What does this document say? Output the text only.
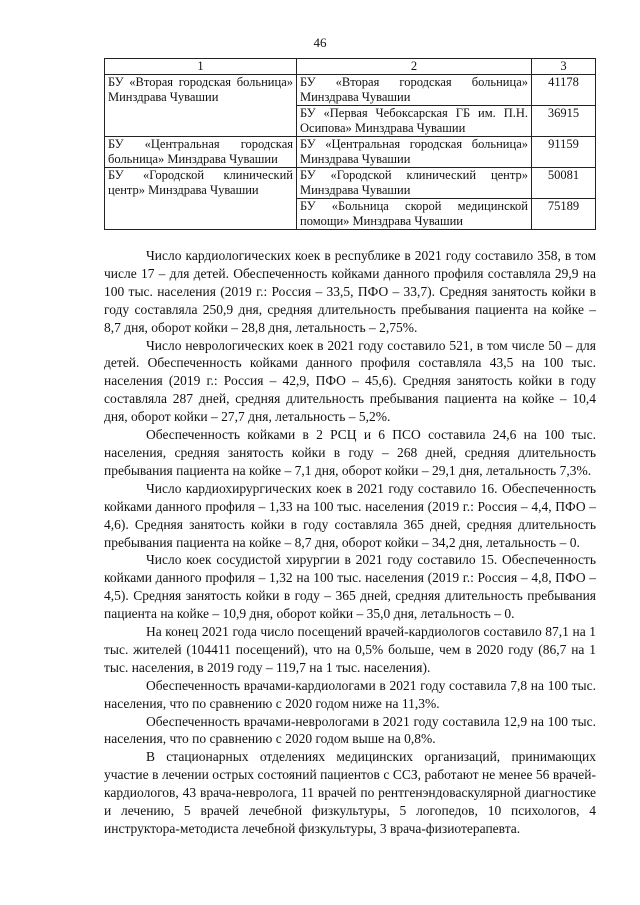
46
1	2	3
БУ «Вторая городская больница» Минздрава Чувашии	БУ «Вторая городская больница» Минздрава Чувашии	41178
	БУ «Первая Чебоксарская ГБ им. П.Н. Осипова» Минздрава Чувашии	36915
БУ «Центральная городская больница» Минздрава Чувашии	БУ «Центральная городская больница» Минздрава Чувашии	91159
БУ «Городской клинический центр» Минздрава Чувашии	БУ «Городской клинический центр» Минздрава Чувашии	50081
	БУ «Больница скорой медицинской помощи» Минздрава Чувашии	75189

Число кардиологических коек в республике в 2021 году составило 358, в том числе 17 – для детей. Обеспеченность койками данного профиля составляла 29,9 на 100 тыс. населения (2019 г.: Россия – 33,5, ПФО – 33,7). Средняя занятость койки в году составляла 250,9 дня, средняя длительность пребывания пациента на койке – 8,7 дня, оборот койки – 28,8 дня, летальность – 2,75%.

Число неврологических коек в 2021 году составило 521, в том числе 50 – для детей. Обеспеченность койками данного профиля составляла 43,5 на 100 тыс. населения (2019 г.: Россия – 42,9, ПФО – 45,6). Средняя занятость койки в году составляла 287 дней, средняя длительность пребывания пациента на койке – 10,4 дня, оборот койки – 27,7 дня, летальность – 5,2%.

Обеспеченность койками в 2 РСЦ и 6 ПСО составила 24,6 на 100 тыс. населения, средняя занятость койки в году – 268 дней, средняя длительность пребывания пациента на койке – 7,1 дня, оборот койки – 29,1 дня, летальность 7,3%.

Число кардиохирургических коек в 2021 году составило 16. Обеспеченность койками данного профиля – 1,33 на 100 тыс. населения (2019 г.: Россия – 4,4, ПФО – 4,6). Средняя занятость койки в году составляла 365 дней, средняя длительность пребывания пациента на койке – 8,7 дня, оборот койки – 34,2 дня, летальность – 0.

Число коек сосудистой хирургии в 2021 году составило 15. Обеспеченность койками данного профиля – 1,32 на 100 тыс. населения (2019 г.: Россия – 4,8, ПФО – 4,5). Средняя занятость койки в году – 365 дней, средняя длительность пребывания пациента на койке – 10,9 дня, оборот койки – 35,0 дня, летальность – 0.

На конец 2021 года число посещений врачей-кардиологов составило 87,1 на 1 тыс. жителей (104411 посещений), что на 0,5% больше, чем в 2020 году (86,7 на 1 тыс. населения, в 2019 году – 119,7 на 1 тыс. населения).

Обеспеченность врачами-кардиологами в 2021 году составила 7,8 на 100 тыс. населения, что по сравнению с 2020 годом ниже на 11,3%.

Обеспеченность врачами-неврологами в 2021 году составила 12,9 на 100 тыс. населения, что по сравнению с 2020 годом выше на 0,8%.

В стационарных отделениях медицинских организаций, принимающих участие в лечении острых состояний пациентов с ССЗ, работают не менее 56 врачей-кардиологов, 43 врача-невролога, 11 врачей по рентгенэндоваскулярной диагностике и лечению, 5 врачей лечебной физкультуры, 5 логопедов, 10 психологов, 4 инструктора-методиста лечебной физкультуры, 3 врача-физиотерапевта.
